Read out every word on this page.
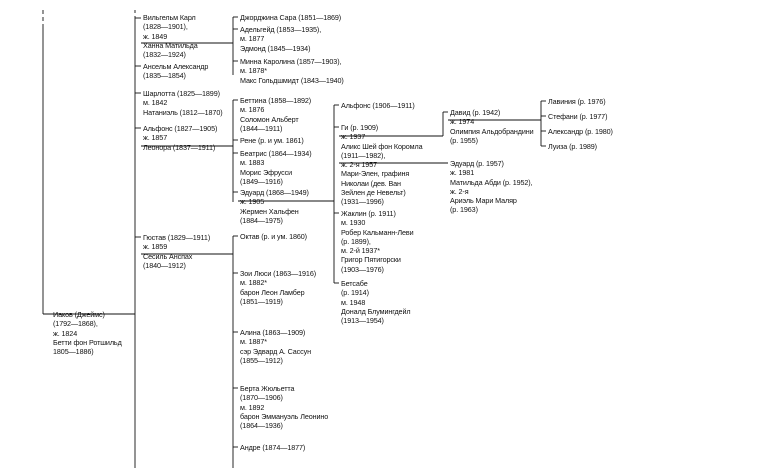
Иаков (Джеймс)
(1792—1868),
ж. 1824
Бетти фон Ротшильд
1805—1886)
Вильгельм Карл
(1828—1901),
ж. 1849
Ханна Матильда
(1832—1924)
Ансельм Александр
(1835—1854)
Шарлотта (1825—1899)
м. 1842
Натаниэль (1812—1870)
Альфонс (1827—1905)
ж. 1857
Леонора (1837—1911)
Гюстав (1829—1911)
ж. 1859
Сесиль Анспах
(1840—1912)
Джорджина Сара (1851—1869)
Адельгейд (1853—1935),
м. 1877
Эдмонд (1845—1934)
Минна Каролина (1857—1903),
м. 1878*
Макс Гольдшмидт (1843—1940)
Беттина (1858—1892)
м. 1876
Соломон Альберт
(1844—1911)
Рене (р. и ум. 1861)
Беатрис (1864—1934)
м. 1883
Морис Эфрусси
(1849—1916)
Эдуард (1868—1949)
ж. 1905
Жермен Хальфен
(1884—1975)
Октав (р. и ум. 1860)
Зои Люси (1863—1916)
м. 1882*
барон Леон Ламбер
(1851—1919)
Алина (1863—1909)
м. 1887*
сэр Эдвард А. Сассун
(1855—1912)
Берта Жюльетта
(1870—1906)
м. 1892
барон Эммануэль Леонино
(1864—1936)
Андре (1874—1877)
Альфонс (1906—1911)
Ги (р. 1909)
ж. 1937
Аликс Шей фон Коромла
(1911—1982),
ж. 2-я 1957
Мари-Элен, графиня
Николаи (дев. Ван
Зейлен де Невельт)
(1931—1996)
Жаклин (р. 1911)
м. 1930
Робер Кальманн-Леви
(р. 1899),
м. 2-й 1937*
Григор Пятигорски
(1903—1976)
Бетсабе
(р. 1914)
м. 1948
Доналд Блумингдейл
(1913—1954)
Давид (р. 1942)
ж. 1974
Олимпия Альдобрандини
(р. 1955)
Эдуард (р. 1957)
ж. 1981
Матильда Абди (р. 1952),
ж. 2-я
Ариэль Мари Маляр
(р. 1963)
Лавиния (р. 1976)
Стефани (р. 1977)
Александр (р. 1980)
Луиза (р. 1989)
